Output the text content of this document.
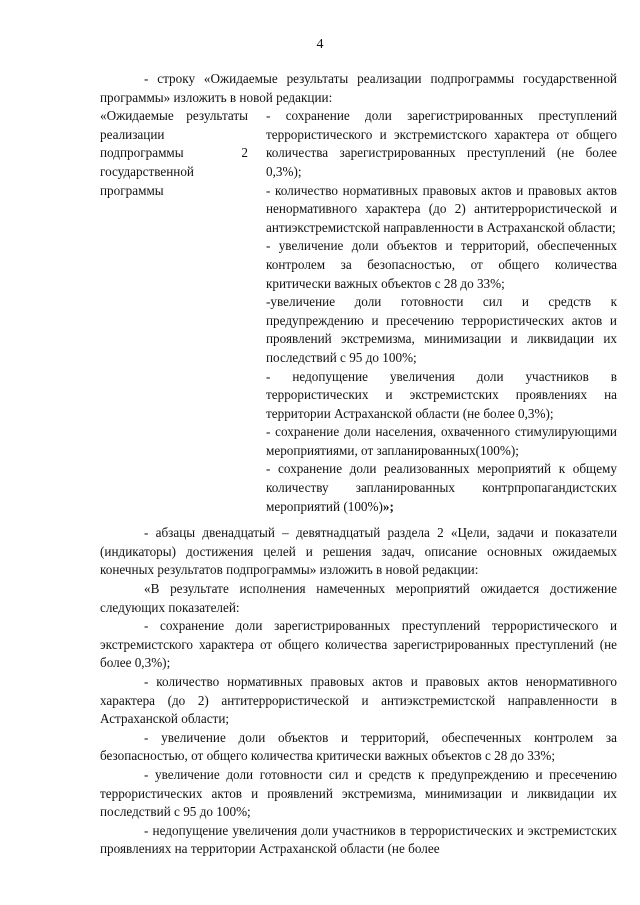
4

- строку «Ожидаемые результаты реализации подпрограммы государственной программы» изложить в новой редакции:

«Ожидаемые результаты реализации подпрограммы 2 государственной программы

- сохранение доли зарегистрированных преступлений террористического и экстремистского характера от общего количества зарегистрированных преступлений (не более 0,3%);

- количество нормативных правовых актов и правовых актов ненормативного характера (до 2) антитеррористической и антиэкстремистской направленности в Астраханской области;

- увеличение доли объектов и территорий, обеспеченных контролем за безопасностью, от общего количества критически важных объектов с 28 до 33%;

-увеличение доли готовности сил и средств к предупреждению и пресечению террористических актов и проявлений экстремизма, минимизации и ликвидации их последствий с 95 до 100%;

- недопущение увеличения доли участников в террористических и экстремистских проявлениях на территории Астраханской области (не более 0,3%);

- сохранение доли населения, охваченного стимулирующими мероприятиями, от запланированных(100%);

- сохранение доли реализованных мероприятий к общему количеству запланированных контрпропагандистских мероприятий (100%)»;

- абзацы двенадцатый – девятнадцатый раздела 2 «Цели, задачи и показатели (индикаторы) достижения целей и решения задач, описание основных ожидаемых конечных результатов подпрограммы» изложить в новой редакции:

«В результате исполнения намеченных мероприятий ожидается достижение следующих показателей:

- сохранение доли зарегистрированных преступлений террористического и экстремистского характера от общего количества зарегистрированных преступлений (не более 0,3%);

- количество нормативных правовых актов и правовых актов ненормативного характера (до 2) антитеррористической и антиэкстремистской направленности в Астраханской области;

- увеличение доли объектов и территорий, обеспеченных контролем за безопасностью, от общего количества критически важных объектов с 28 до 33%;

- увеличение доли готовности сил и средств к предупреждению и пресечению террористических актов и проявлений экстремизма, минимизации и ликвидации их последствий с 95 до 100%;

- недопущение увеличения доли участников в террористических и экстремистских проявлениях на территории Астраханской области (не более
